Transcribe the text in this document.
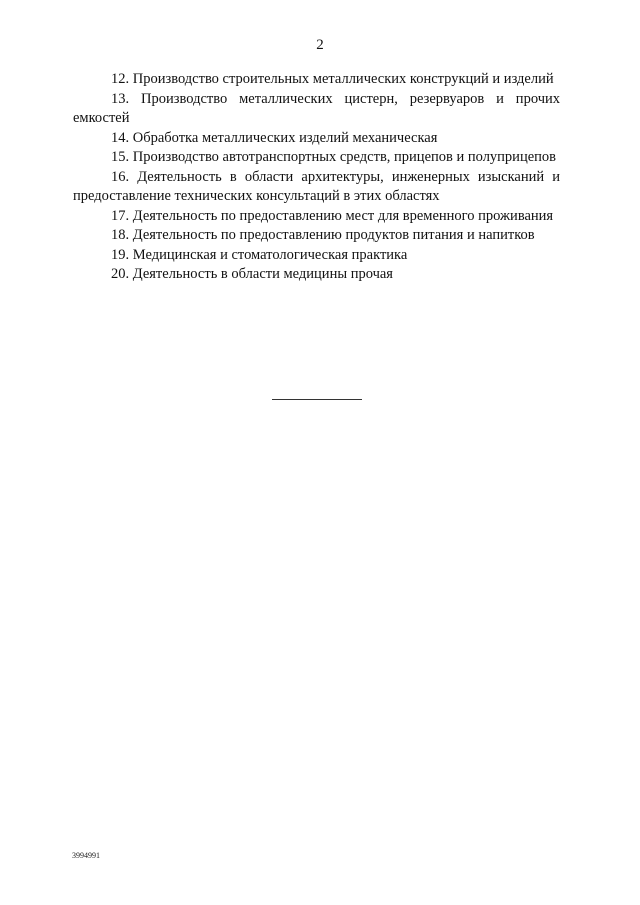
2

12. Производство строительных металлических конструкций и изделий

13. Производство металлических цистерн, резервуаров и прочих емкостей

14. Обработка металлических изделий механическая

15. Производство автотранспортных средств, прицепов и полуприцепов

16. Деятельность в области архитектуры, инженерных изысканий и предоставление технических консультаций в этих областях

17. Деятельность по предоставлению мест для временного проживания

18. Деятельность по предоставлению продуктов питания и напитков

19. Медицинская и стоматологическая практика

20. Деятельность в области медицины прочая

3994991
